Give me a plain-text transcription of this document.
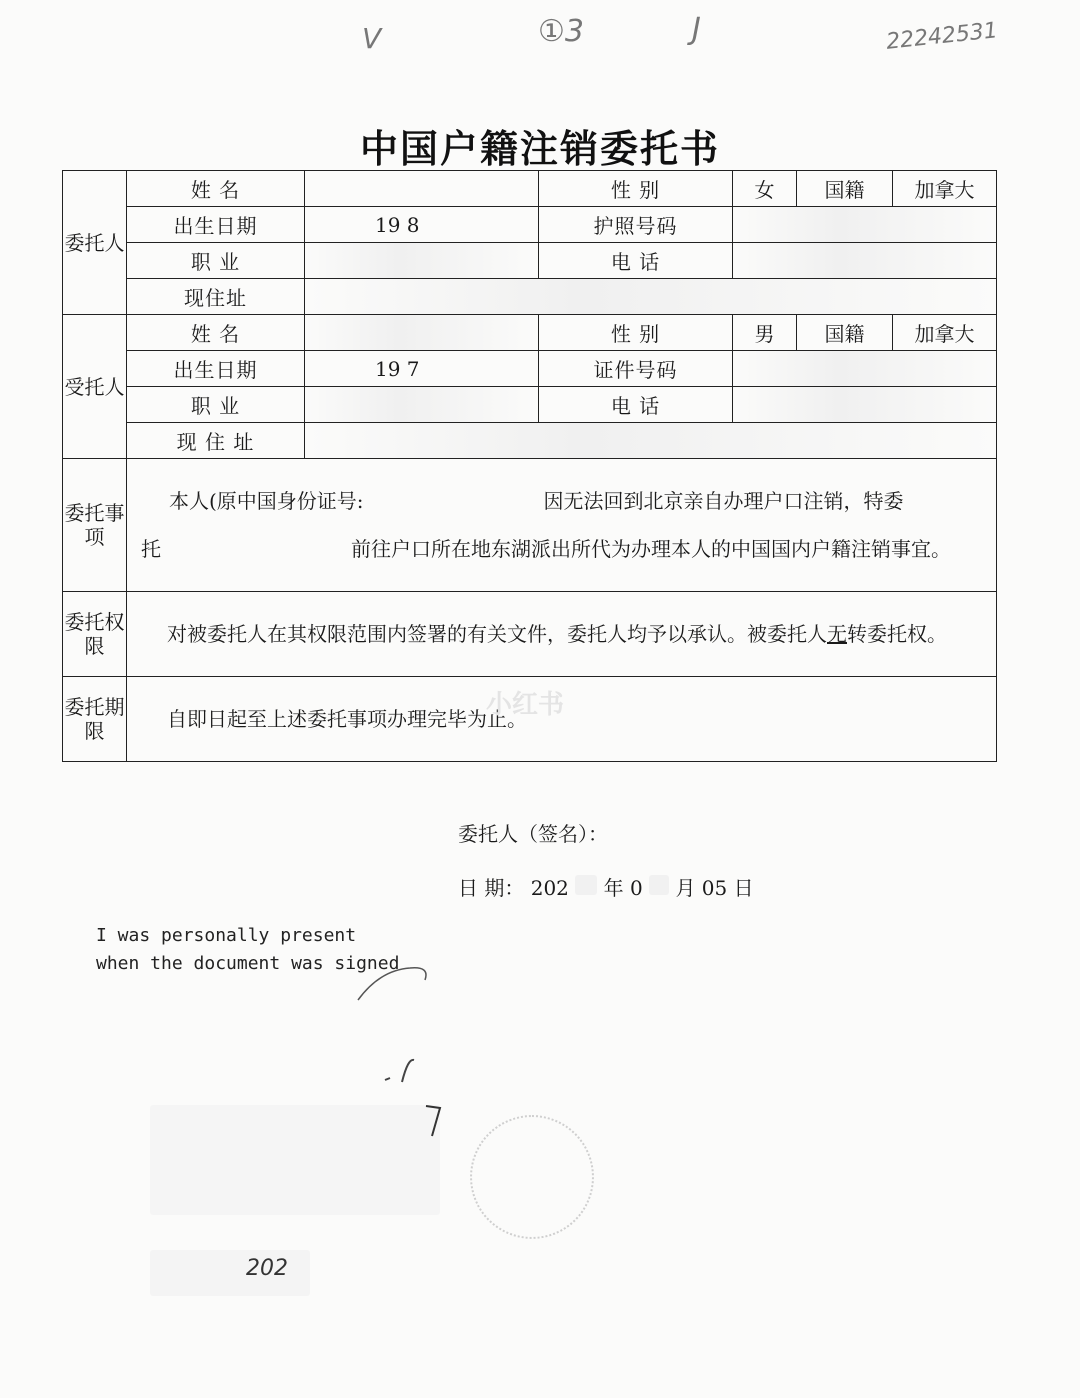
V	①3	J	22242531
中国户籍注销委托书
委托人	姓 名		性 别	女	国籍	加拿大
	出生日期	19 8	护照号码			
	职 业		电 话			
	现住址					
受托人	姓 名		性 别	男	国籍	加拿大
	出生日期	19 7	证件号码			
	职 业		电 话			
	现 住 址					
委托事项	本人(原中国身份证号: 因无法回到北京亲自办理户口注销，特委
托 前往户口所在地东湖派出所代为办理本人的中国国内户籍注销事宜。					
委托权限	对被委托人在其权限范围内签署的有关文件，委托人均予以承认。被委托人无转委托权。					
委托期限	自即日起至上述委托事项办理完毕为止。					
小红书
委托人（签名）：
日 期： 202 年 0 月 05 日
I was personally present
when the document was signed
202
